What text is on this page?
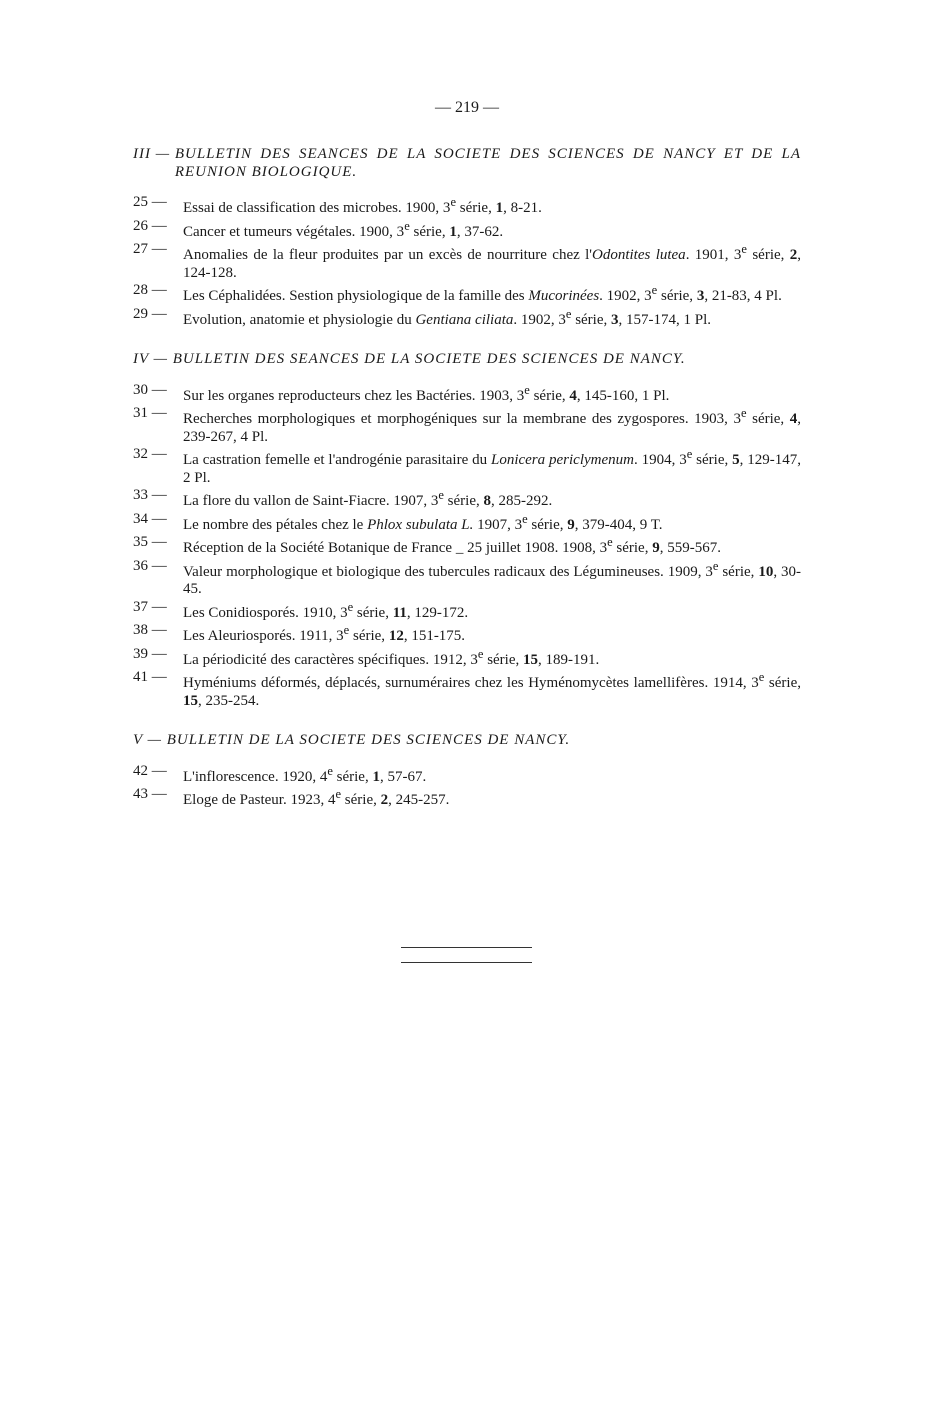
— 219 —
III — BULLETIN DES SEANCES DE LA SOCIETE DES SCIENCES DE NANCY ET DE LA REUNION BIOLOGIQUE.
25 —	Essai de classification des microbes. 1900, 3e série, 1, 8-21.
26 —	Cancer et tumeurs végétales. 1900, 3e série, 1, 37-62.
27 —	Anomalies de la fleur produites par un excès de nourriture chez l'Odontites lutea. 1901, 3e série, 2, 124-128.
28 —	Les Céphalidées. Sestion physiologique de la famille des Mucorinées. 1902, 3e série, 3, 21-83, 4 Pl.
29 —	Evolution, anatomie et physiologie du Gentiana ciliata. 1902, 3e série, 3, 157-174, 1 Pl.
IV — BULLETIN DES SEANCES DE LA SOCIETE DES SCIENCES DE NANCY.
30 —	Sur les organes reproducteurs chez les Bactéries. 1903, 3e série, 4, 145-160, 1 Pl.
31 —	Recherches morphologiques et morphogéniques sur la membrane des zygospores. 1903, 3e série, 4, 239-267, 4 Pl.
32 —	La castration femelle et l'androgénie parasitaire du Lonicera periclymenum. 1904, 3e série, 5, 129-147, 2 Pl.
33 —	La flore du vallon de Saint-Fiacre. 1907, 3e série, 8, 285-292.
34 —	Le nombre des pétales chez le Phlox subulata L. 1907, 3e série, 9, 379-404, 9 T.
35 —	Réception de la Société Botanique de France _ 25 juillet 1908. 1908, 3e série, 9, 559-567.
36 —	Valeur morphologique et biologique des tubercules radicaux des Légumineuses. 1909, 3e série, 10, 30-45.
37 —	Les Conidiosporés. 1910, 3e série, 11, 129-172.
38 —	Les Aleuriosporés. 1911, 3e série, 12, 151-175.
39 —	La périodicité des caractères spécifiques. 1912, 3e série, 15, 189-191.
41 —	Hyméniums déformés, déplacés, surnuméraires chez les Hyménomycètes lamellifères. 1914, 3e série, 15, 235-254.
V — BULLETIN DE LA SOCIETE DES SCIENCES DE NANCY.
42 —	L'inflorescence. 1920, 4e série, 1, 57-67.
43 —	Eloge de Pasteur. 1923, 4e série, 2, 245-257.
